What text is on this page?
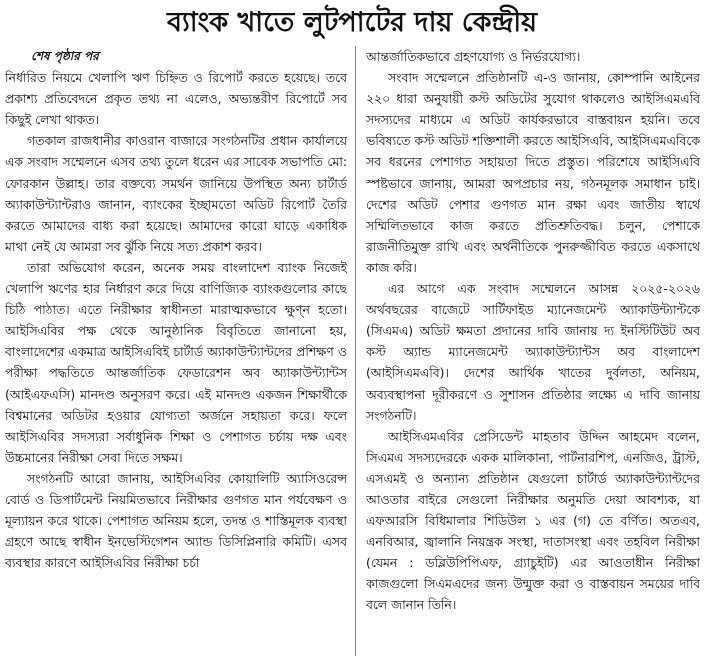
ব্যাংক খাতে লুটপাটের দায় কেন্দ্রীয়
শেষ পৃষ্ঠার পর

নির্ধারিত নিয়মে খেলাপি ঋণ চিহ্নিত ও রিপোর্ট করতে হয়েছে। তবে প্রকাশ্য প্রতিবেদনে প্রকৃত তথ্য না এলেও, অভ্যন্তরীণ রিপোর্টে সব কিছুই লেখা থাকত।

গতকাল রাজধানীর কাওরান বাজারে সংগঠনটির প্রধান কার্যালয়ে এক সংবাদ সম্মেলনে এসব তথ্য তুলে ধরেন এর সাবেক সভাপতি মো: ফোরকান উল্লাহ। তার বক্তব্যে সমর্থন জানিয়ে উপস্থিত অন্য চার্টার্ড অ্যাকাউন্ট্যান্টরাও জানান, ব্যাংকের ইচ্ছামতো অডিট রিপোর্ট তৈরি করতে আমাদের বাধ্য করা হয়েছে। আমাদের কারো ঘাড়ে একাধিক মাথা নেই যে আমরা সব ঝুঁকি নিয়ে সত্য প্রকাশ করব।

তারা অভিযোগ করেন, অনেক সময় বাংলাদেশ ব্যাংক নিজেই খেলাপি ঋণের হার নির্ধারণ করে দিয়ে বাণিজ্যিক ব্যাংকগুলোর কাছে চিঠি পাঠাত। এতে নিরীক্ষার স্বাধীনতা মারাত্মকভাবে ক্ষুণ্ন হতো। আইসিএবির পক্ষ থেকে আনুষ্ঠানিক বিবৃতিতে জানানো হয়, বাংলাদেশের একমাত্র আইসিএবিই চার্টার্ড অ্যাকাউন্ট্যান্টদের প্রশিক্ষণ ও পরীক্ষা পদ্ধতিতে আন্তর্জাতিক ফেডারেশন অব অ্যাকাউন্ট্যান্টস (আইএফএসি) মানদণ্ড অনুসরণ করে। এই মানদণ্ড একজন শিক্ষার্থীকে বিশ্বমানের অডিটর হওয়ার যোগ্যতা অর্জনে সহায়তা করে। ফলে আইসিএবির সদস্যরা সর্বাধুনিক শিক্ষা ও পেশাগত চর্চায় দক্ষ এবং উচ্চমানের নিরীক্ষা সেবা দিতে সক্ষম।

সংগঠনটি আরো জানায়, আইসিএবির কোয়ালিটি অ্যাসিওরেন্স বোর্ড ও ডিপার্টমেন্ট নিয়মিতভাবে নিরীক্ষার গুণগত মান পর্যবেক্ষণ ও মূল্যায়ন করে থাকে। পেশাগত অনিয়ম হলে, তদন্ত ও শাস্তিমূলক ব্যবস্থা গ্রহণে আছে স্বাধীন ইনভেস্টিগেশন অ্যান্ড ডিসিপ্লিনারি কমিটি। এসব ব্যবস্থার কারণে আইসিএবির নিরীক্ষা চর্চা

আন্তর্জাতিকভাবে গ্রহণযোগ্য ও নির্ভরযোগ্য।

সংবাদ সম্মেলনে প্রতিষ্ঠানটি এ-ও জানায়, কোম্পানি আইনের ২২০ ধারা অনুযায়ী কস্ট অডিটের সুযোগ থাকলেও আইসিএমএবি সদস্যদের মাধ্যমে এ অডিট কার্যকরভাবে বাস্তবায়ন হয়নি। তবে ভবিষ্যতে কস্ট অডিট শক্তিশালী করতে আইসিএবি, আইসিএমএবিকে সব ধরনের পেশাগত সহায়তা দিতে প্রস্তুত। পরিশেষে আইসিএবি স্পষ্টভাবে জানায়, আমরা অপপ্রচার নয়, গঠনমূলক সমাধান চাই। দেশের অডিট পেশার গুণগত মান রক্ষা এবং জাতীয় স্বার্থে সম্মিলিতভাবে কাজ করতে প্রতিশ্রুতিবদ্ধ। চলুন, পেশাকে রাজনীতিমুক্ত রাখি এবং অর্থনীতিকে পুনরুজ্জীবিত করতে একসাথে কাজ করি।

এর আগে এক সংবাদ সম্মেলনে আসন্ন ২০২৫-২০২৬ অর্থবছরের বাজেটে সার্টিফাইড ম্যানেজমেন্ট অ্যাকাউন্ট্যান্টকে (সিএমএ) অডিট ক্ষমতা প্রদানের দাবি জানায় দ্য ইনস্টিটিউট অব কস্ট অ্যান্ড ম্যানেজমেন্ট অ্যাকাউন্ট্যান্টস অব বাংলাদেশ (আইসিএমএবি)। দেশের আর্থিক খাতের দুর্বলতা, অনিয়ম, অব্যবস্থাপনা দূরীকরণে ও সুশাসন প্রতিষ্ঠার লক্ষ্যে এ দাবি জানায় সংগঠনটি।

আইসিএমএবির প্রেসিডেন্ট মাহতাব উদ্দিন আহমেদ বলেন, সিএমএ সদস্যদেরকে একক মালিকানা, পার্টনারশিপ, এনজিও, ট্রাস্ট, এসএমই ও অন্যান্য প্রতিষ্ঠান যেগুলো চার্টার্ড অ্যাকাউন্ট্যান্টদের আওতার বাইরে সেগুলো নিরীক্ষার অনুমতি দেয়া আবশ্যক, যা এফআরসি বিধিমালার শিডিউল ১ এর (গ) তে বর্ণিত। অতএব, এনবিআর, জ্বালানি নিয়ন্ত্রক সংস্থা, দাতাসংস্থা এবং তহবিল নিরীক্ষা (যেমন : ডব্লিউপিপিএফ, গ্র্যাচুইটি) এর আওতাধীন নিরীক্ষা কাজগুলো সিএমএদের জন্য উন্মুক্ত করা ও বাস্তবায়ন সময়ের দাবি বলে জানান তিনি।
